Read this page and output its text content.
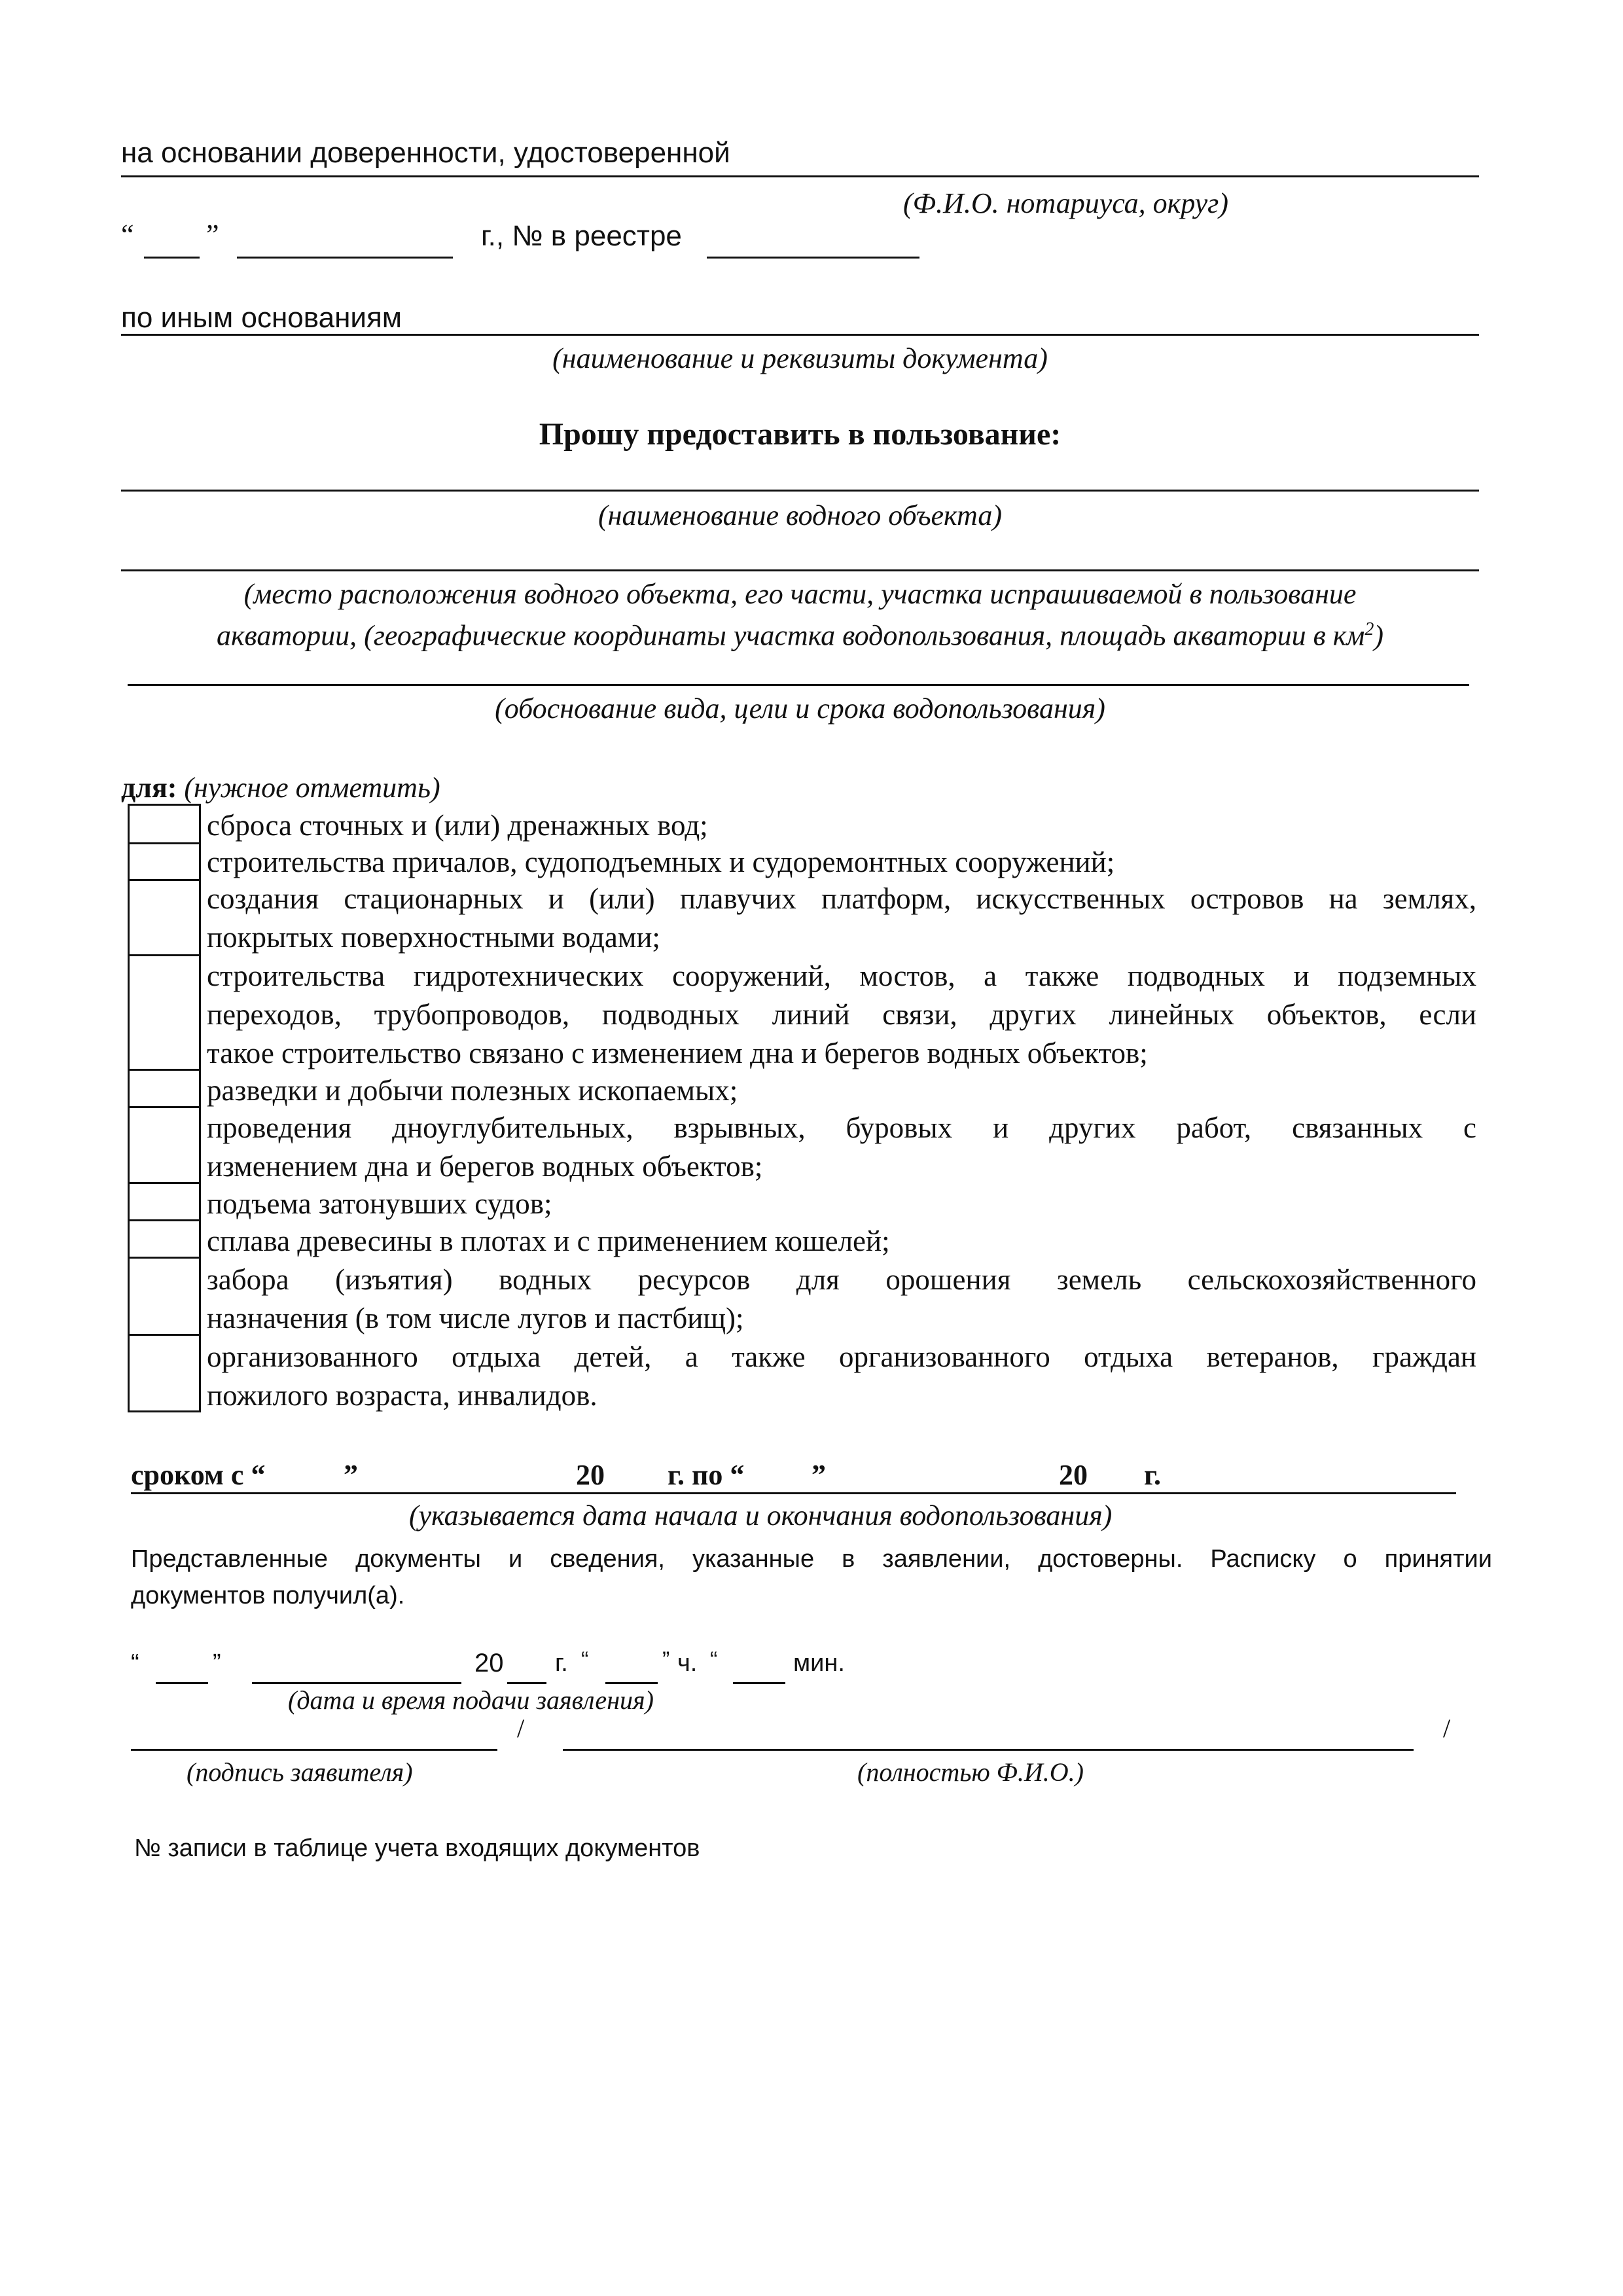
на основании доверенности, удостоверенной
(Ф.И.О. нотариуса, округ)
“	”	г., № в реестре
по иным основаниям
(наименование и реквизиты документа)
Прошу предоставить в пользование:
(наименование водного объекта)
(место расположения водного объекта, его части, участка испрашиваемой в пользование
акватории, (географические координаты участка водопользования, площадь акватории в $км^2$)
(обоснование вида, цели и срока водопользования)
для: (нужное отметить)
сброса сточных и (или) дренажных вод;
строительства причалов, судоподъемных и судоремонтных сооружений;
создания стационарных и (или) плавучих платформ, искусственных островов на землях,
покрытых поверхностными водами;
строительства гидротехнических сооружений, мостов, а также подводных и подземных
переходов, трубопроводов, подводных линий связи, других линейных объектов, если
такое строительство связано с изменением дна и берегов водных объектов;
разведки и добычи полезных ископаемых;
проведения дноуглубительных, взрывных, буровых и других работ, связанных с
изменением дна и берегов водных объектов;
подъема затонувших судов;
сплава древесины в плотах и с применением кошелей;
забора (изъятия) водных ресурсов для орошения земель сельскохозяйственного
назначения (в том числе лугов и пастбищ);
организованного отдыха детей, а также организованного отдыха ветеранов, граждан
пожилого возраста, инвалидов.
сроком с “	”	20 г. по “ ”	20 г.
(указывается дата начала и окончания водопользования)
Представленные документы и сведения, указанные в заявлении, достоверны. Расписку о принятии
документов получил(а).
“	”	20 г. “	” ч. “	мин.
(дата и время подачи заявления)
/	/
(подпись заявителя)	(полностью Ф.И.О.)
№ записи в таблице учета входящих документов
